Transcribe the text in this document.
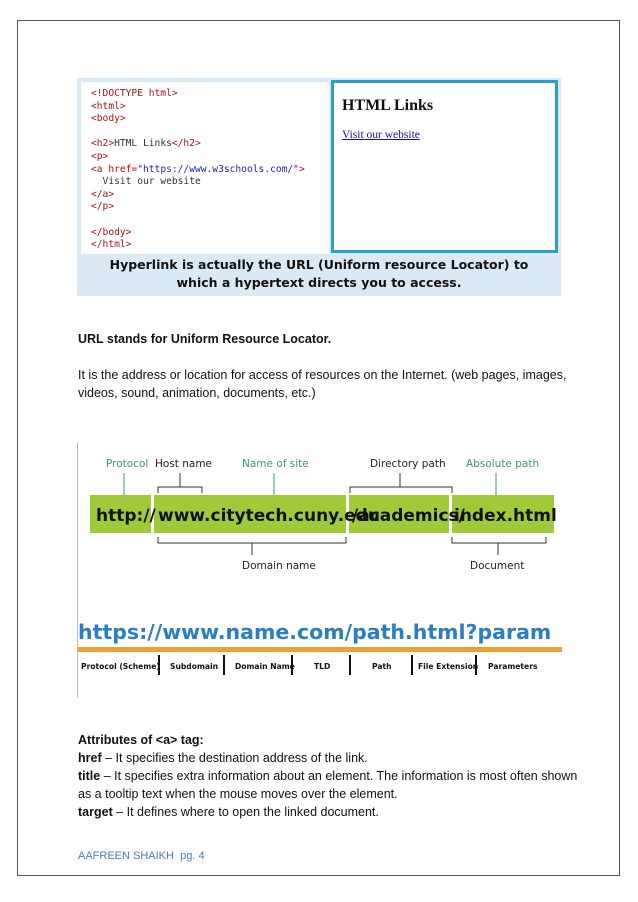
<!DOCTYPE html>
<html>
<body>

<h2>HTML Links</h2>
<p>
<a href="https://www.w3schools.com/">
Visit our website
</a>
</p>

</body>
</html>
HTML Links
Visit our website
Hyperlink is actually the URL (Uniform resource Locator) to
which a hypertext directs you to access.

URL stands for Uniform Resource Locator.

It is the address or location for access of resources on the Internet. (web pages, images, videos, sound, animation, documents, etc.)

Protocol Host name	Name of site	Directory path Absolute path
http:// www.citytech.cuny.edu
/academics/
index.html
Domain name	Document
https://www.name.com/path.html?param
Protocol (Scheme) Subdomain Domain Name	TLD	Path	File Extension Parameters
Attributes of <a> tag:
href – It specifies the destination address of the link.
title – It specifies extra information about an element. The information is most often shown as a tooltip text when the mouse moves over the element.
target – It defines where to open the linked document.
AAFREEN SHAIKH pg. 4
